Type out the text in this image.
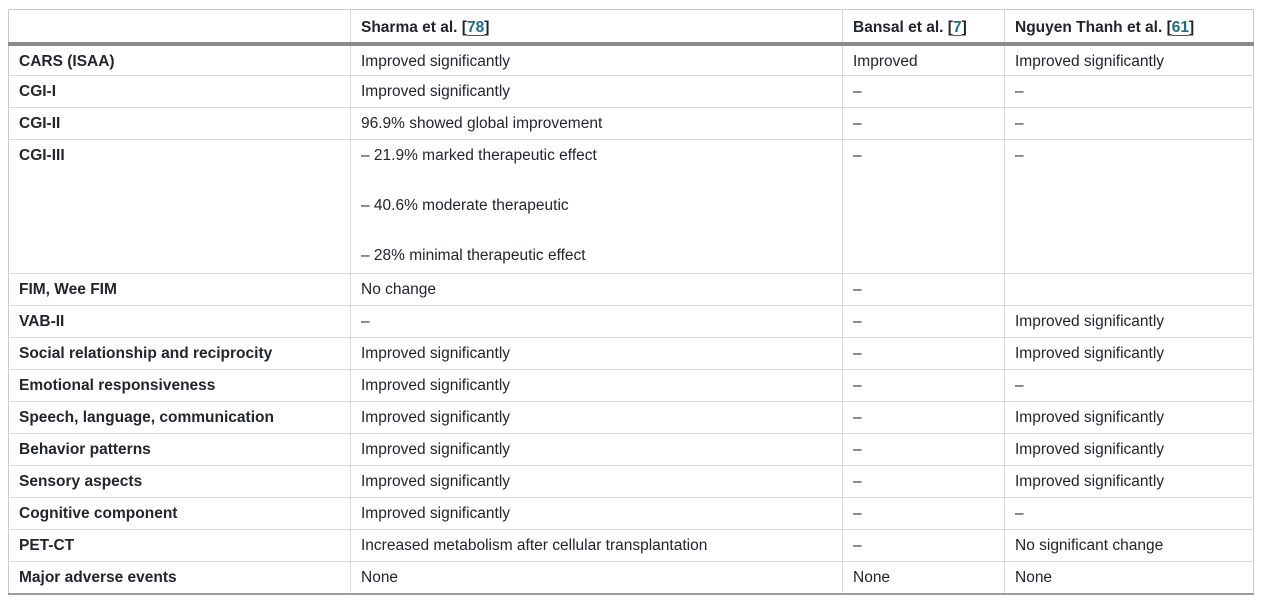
	Sharma et al. [78]	Bansal et al. [7]	Nguyen Thanh et al. [61]
CARS (ISAA)	Improved significantly	Improved	Improved significantly
CGI-I	Improved significantly	–	–
CGI-II	96.9% showed global improvement	–	–
CGI-III	– 21.9% marked therapeutic effect
– 40.6% moderate therapeutic
– 28% minimal therapeutic effect	–	–
FIM, Wee FIM	No change	–	
VAB-II	–	–	Improved significantly
Social relationship and reciprocity	Improved significantly	–	Improved significantly
Emotional responsiveness	Improved significantly	–	–
Speech, language, communication	Improved significantly	–	Improved significantly
Behavior patterns	Improved significantly	–	Improved significantly
Sensory aspects	Improved significantly	–	Improved significantly
Cognitive component	Improved significantly	–	–
PET-CT	Increased metabolism after cellular transplantation	–	No significant change
Major adverse events	None	None	None
